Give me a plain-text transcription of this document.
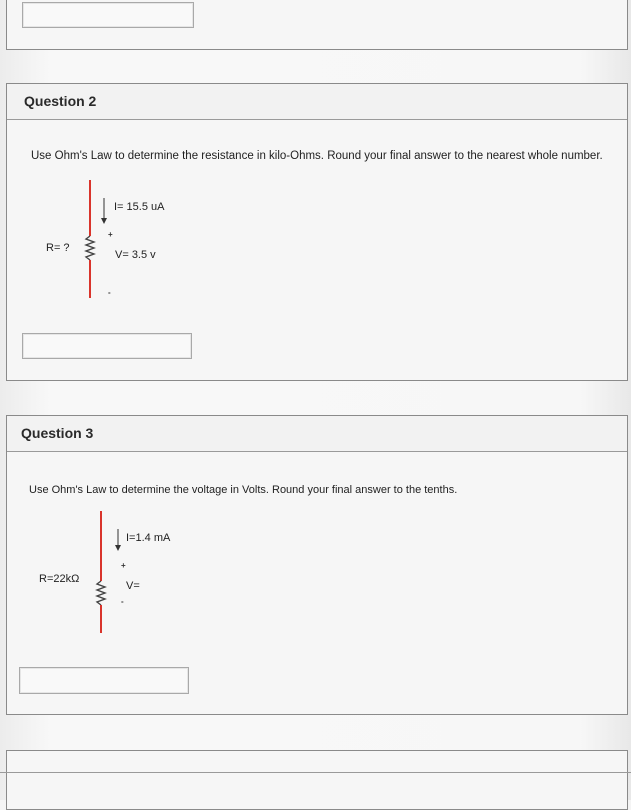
Question 2
Use Ohm's Law to determine the resistance in kilo-Ohms. Round your final answer to the nearest whole number.
I= 15.5 uA
+
R= ?
V= 3.5 v
-
Question 3
Use Ohm's Law to determine the voltage in Volts. Round your final answer to the tenths.
I=1.4 mA
+
R=22kΩ
V=
-
